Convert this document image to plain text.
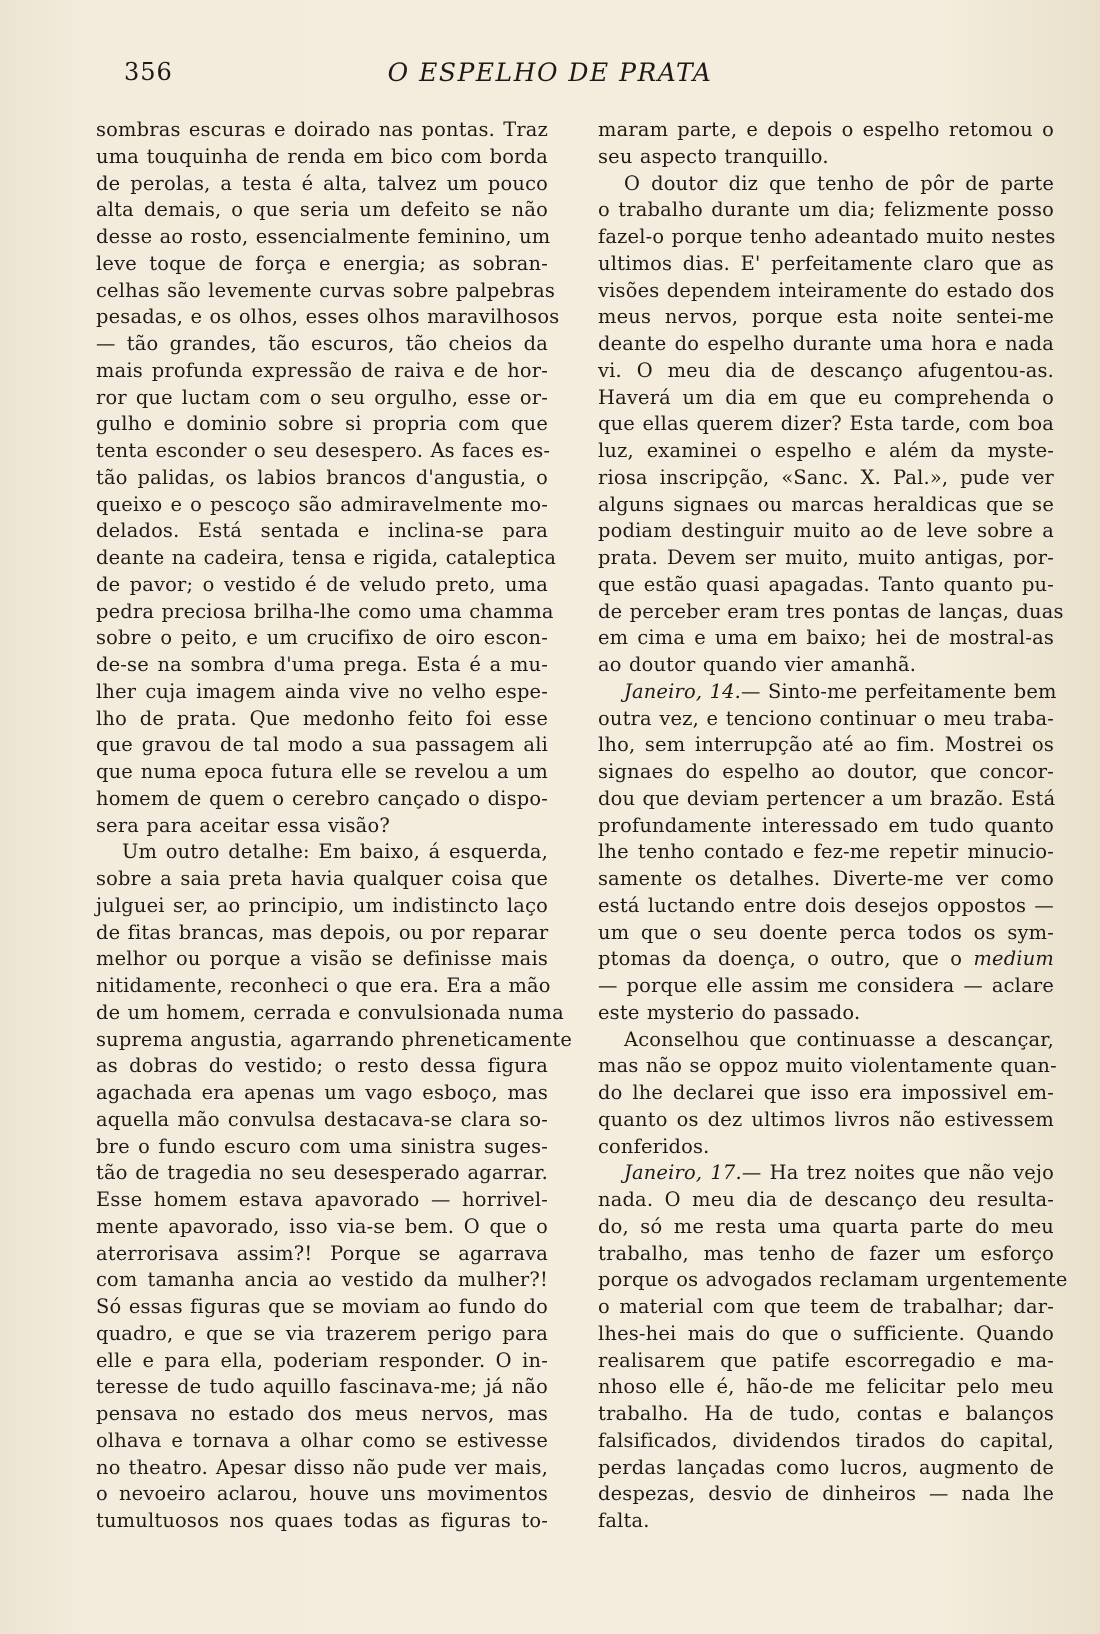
356	O ESPELHO DE PRATA
sombras escuras e doirado nas pontas. Traz
uma touquinha de renda em bico com borda
de perolas, a testa é alta, talvez um pouco
alta demais, o que seria um defeito se não
desse ao rosto, essencialmente feminino, um
leve toque de força e energia; as sobran-
celhas são levemente curvas sobre palpebras
pesadas, e os olhos, esses olhos maravilhosos
— tão grandes, tão escuros, tão cheios da
mais profunda expressão de raiva e de hor-
ror que luctam com o seu orgulho, esse or-
gulho e dominio sobre si propria com que
tenta esconder o seu desespero. As faces es-
tão palidas, os labios brancos d'angustia, o
queixo e o pescoço são admiravelmente mo-
delados. Está sentada e inclina-se para
deante na cadeira, tensa e rigida, cataleptica
de pavor; o vestido é de veludo preto, uma
pedra preciosa brilha-lhe como uma chamma
sobre o peito, e um crucifixo de oiro escon-
de-se na sombra d'uma prega. Esta é a mu-
lher cuja imagem ainda vive no velho espe-
lho de prata. Que medonho feito foi esse
que gravou de tal modo a sua passagem ali
que numa epoca futura elle se revelou a um
homem de quem o cerebro cançado o dispo-
sera para aceitar essa visão?
Um outro detalhe: Em baixo, á esquerda,
sobre a saia preta havia qualquer coisa que
julguei ser, ao principio, um indistincto laço
de fitas brancas, mas depois, ou por reparar
melhor ou porque a visão se definisse mais
nitidamente, reconheci o que era. Era a mão
de um homem, cerrada e convulsionada numa
suprema angustia, agarrando phreneticamente
as dobras do vestido; o resto dessa figura
agachada era apenas um vago esboço, mas
aquella mão convulsa destacava-se clara so-
bre o fundo escuro com uma sinistra suges-
tão de tragedia no seu desesperado agarrar.
Esse homem estava apavorado — horrivel-
mente apavorado, isso via-se bem. O que o
aterrorisava assim?! Porque se agarrava
com tamanha ancia ao vestido da mulher?!
Só essas figuras que se moviam ao fundo do
quadro, e que se via trazerem perigo para
elle e para ella, poderiam responder. O in-
teresse de tudo aquillo fascinava-me; já não
pensava no estado dos meus nervos, mas
olhava e tornava a olhar como se estivesse
no theatro. Apesar disso não pude ver mais,
o nevoeiro aclarou, houve uns movimentos
tumultuosos nos quaes todas as figuras to-
maram parte, e depois o espelho retomou o
seu aspecto tranquillo.
O doutor diz que tenho de pôr de parte
o trabalho durante um dia; felizmente posso
fazel-o porque tenho adeantado muito nestes
ultimos dias. E' perfeitamente claro que as
visões dependem inteiramente do estado dos
meus nervos, porque esta noite sentei-me
deante do espelho durante uma hora e nada
vi. O meu dia de descanço afugentou-as.
Haverá um dia em que eu comprehenda o
que ellas querem dizer? Esta tarde, com boa
luz, examinei o espelho e além da myste-
riosa inscripção, «Sanc. X. Pal.», pude ver
alguns signaes ou marcas heraldicas que se
podiam destinguir muito ao de leve sobre a
prata. Devem ser muito, muito antigas, por-
que estão quasi apagadas. Tanto quanto pu-
de perceber eram tres pontas de lanças, duas
em cima e uma em baixo; hei de mostral-as
ao doutor quando vier amanhã.
Janeiro, 14.— Sinto-me perfeitamente bem
outra vez, e tenciono continuar o meu traba-
lho, sem interrupção até ao fim. Mostrei os
signaes do espelho ao doutor, que concor-
dou que deviam pertencer a um brazão. Está
profundamente interessado em tudo quanto
lhe tenho contado e fez-me repetir minucio-
samente os detalhes. Diverte-me ver como
está luctando entre dois desejos oppostos —
um que o seu doente perca todos os sym-
ptomas da doença, o outro, que o medium
— porque elle assim me considera — aclare
este mysterio do passado.
Aconselhou que continuasse a descançar,
mas não se oppoz muito violentamente quan-
do lhe declarei que isso era impossivel em-
quanto os dez ultimos livros não estivessem
conferidos.
Janeiro, 17.— Ha trez noites que não vejo
nada. O meu dia de descanço deu resulta-
do, só me resta uma quarta parte do meu
trabalho, mas tenho de fazer um esforço
porque os advogados reclamam urgentemente
o material com que teem de trabalhar; dar-
lhes-hei mais do que o sufficiente. Quando
realisarem que patife escorregadio e ma-
nhoso elle é, hão-de me felicitar pelo meu
trabalho. Ha de tudo, contas e balanços
falsificados, dividendos tirados do capital,
perdas lançadas como lucros, augmento de
despezas, desvio de dinheiros — nada lhe
falta.
